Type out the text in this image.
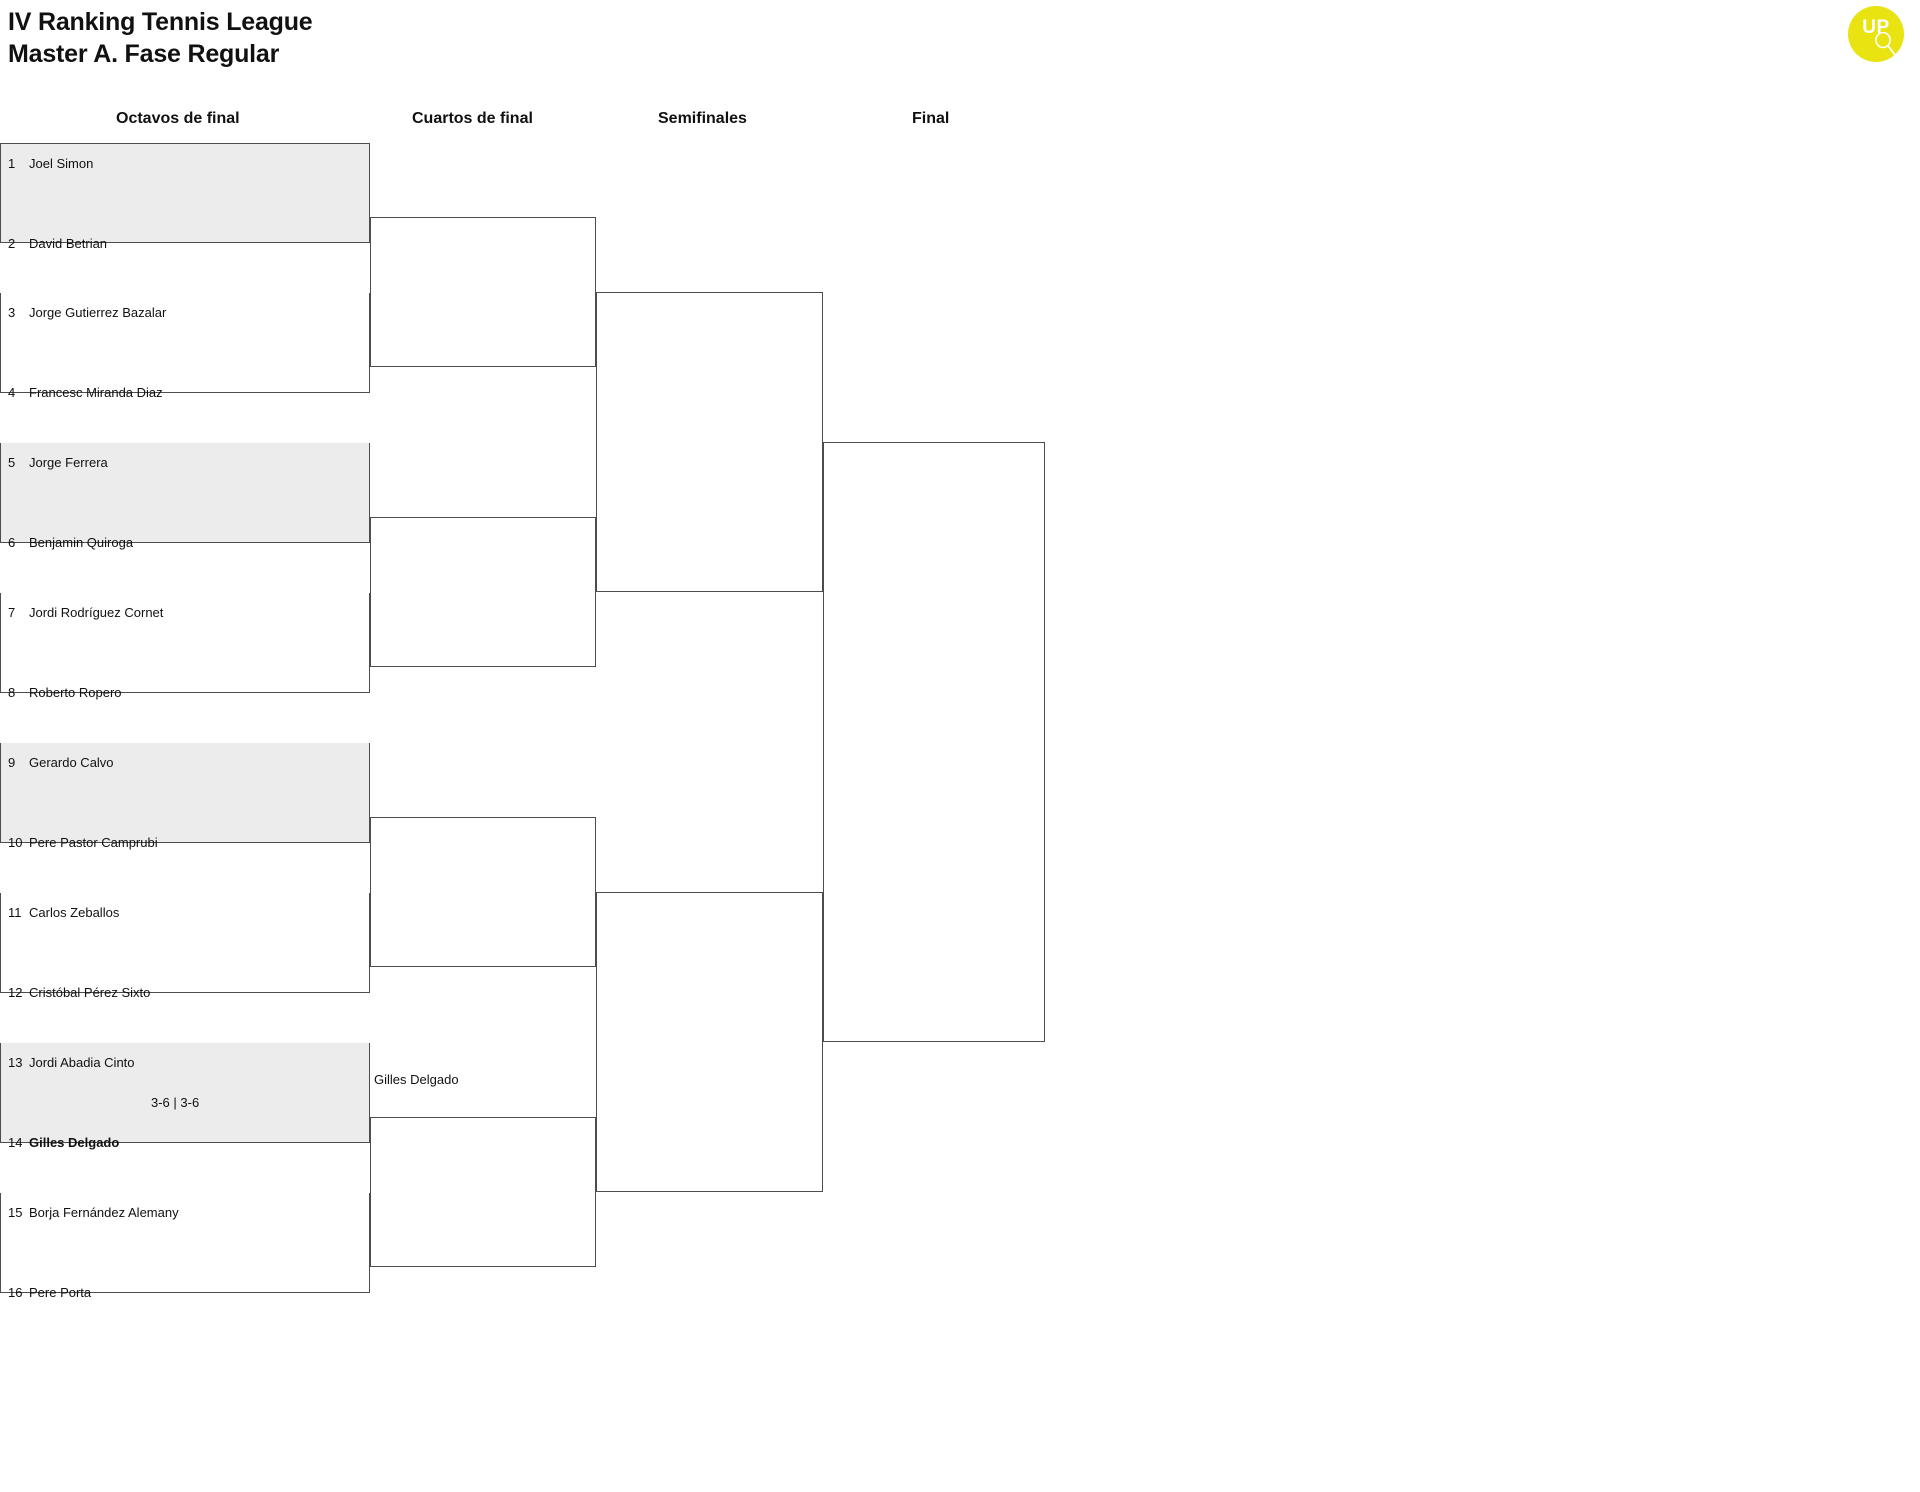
IV Ranking Tennis League
Master A. Fase Regular
UP
Octavos de final	Cuartos de final	Semifinales	Final
1 Joel Simon
2 David Betrian
3 Jorge Gutierrez Bazalar
4 Francesc Miranda Diaz
5 Jorge Ferrera
6 Benjamin Quiroga
7 Jordi Rodríguez Cornet
8 Roberto Ropero
9 Gerardo Calvo
10 Pere Pastor Camprubi
11 Carlos Zeballos
12 Cristóbal Pérez Sixto
13 Jordi Abadia Cinto
3-6 | 3-6
14 Gilles Delgado
15 Borja Fernández Alemany
16 Pere Porta
Gilles Delgado
